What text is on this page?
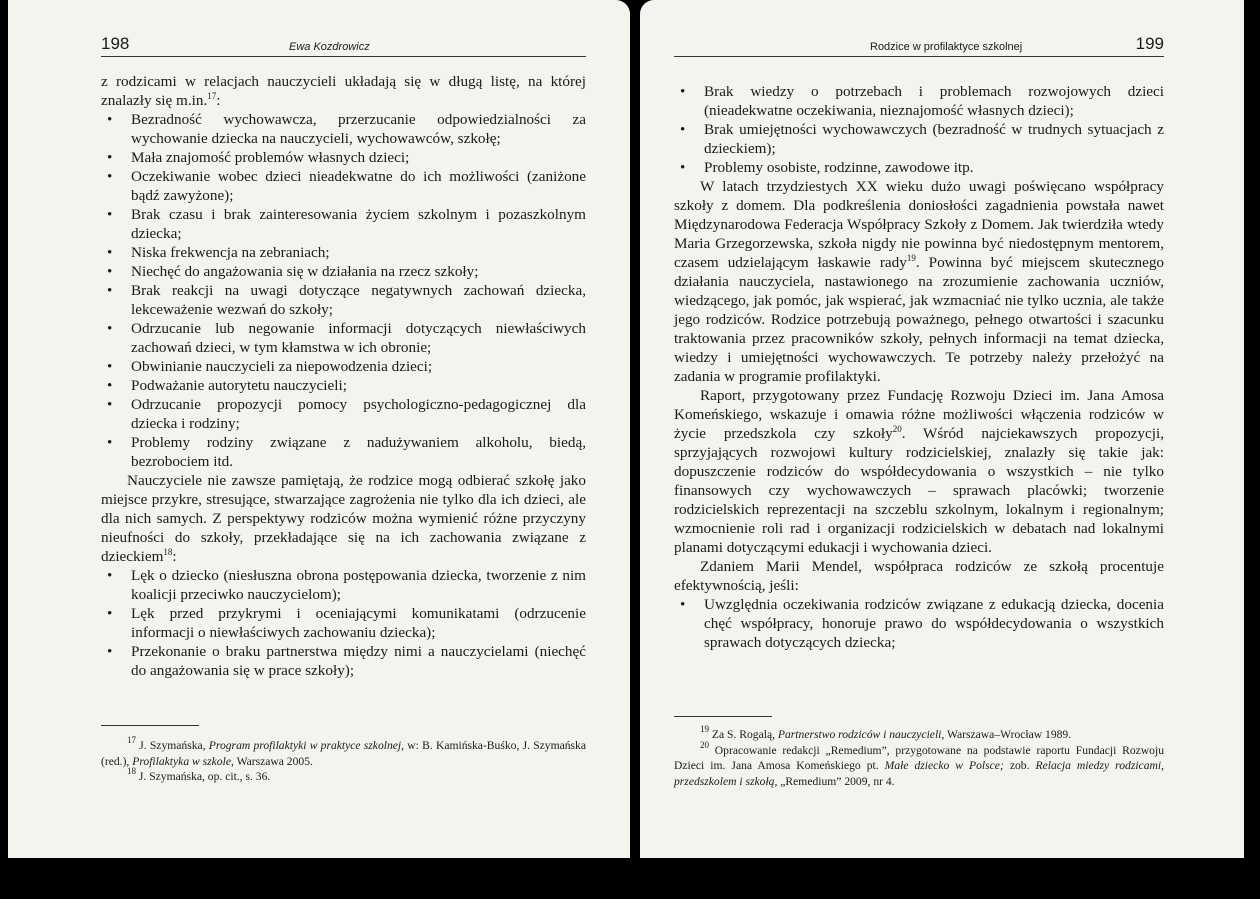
198	Ewa Kozdrowicz

z rodzicami w relacjach nauczycieli układają się w długą listę, na której znalazły się m.in.$^{17}$:

• Bezradność wychowawcza, przerzucanie odpowiedzialności za wychowanie dziecka na nauczycieli, wychowawców, szkołę;
• Mała znajomość problemów własnych dzieci;
• Oczekiwanie wobec dzieci nieadekwatne do ich możliwości (zaniżone bądź zawyżone);
• Brak czasu i brak zainteresowania życiem szkolnym i pozaszkolnym dziecka;
• Niska frekwencja na zebraniach;
• Niechęć do angażowania się w działania na rzecz szkoły;
• Brak reakcji na uwagi dotyczące negatywnych zachowań dziecka, lekceważenie wezwań do szkoły;
• Odrzucanie lub negowanie informacji dotyczących niewłaściwych zachowań dzieci, w tym kłamstwa w ich obronie;
• Obwinianie nauczycieli za niepowodzenia dzieci;
• Podważanie autorytetu nauczycieli;
• Odrzucanie propozycji pomocy psychologiczno-pedagogicznej dla dziecka i rodziny;
• Problemy rodziny związane z nadużywaniem alkoholu, biedą, bezrobociem itd.

Nauczyciele nie zawsze pamiętają, że rodzice mogą odbierać szkołę jako miejsce przykre, stresujące, stwarzające zagrożenia nie tylko dla ich dzieci, ale dla nich samych. Z perspektywy rodziców można wymienić różne przyczyny nieufności do szkoły, przekładające się na ich zachowania związane z dzieckiem$^{18}$:

• Lęk o dziecko (niesłuszna obrona postępowania dziecka, tworzenie z nim koalicji przeciwko nauczycielom);
• Lęk przed przykrymi i oceniającymi komunikatami (odrzucenie informacji o niewłaściwych zachowaniu dziecka);
• Przekonanie o braku partnerstwa między nimi a nauczycielami (niechęć do angażowania się w prace szkoły);

$^{17}$ J. Szymańska, Program profilaktyki w praktyce szkolnej, w: B. Kamińska-Buśko, J. Szymańska (red.), Profilaktyka w szkole, Warszawa 2005.

$^{18}$ J. Szymańska, op. cit., s. 36.

Rodzice w profilaktyce szkolnej	199
• Brak wiedzy o potrzebach i problemach rozwojowych dzieci (nieadekwatne oczekiwania, nieznajomość własnych dzieci);
• Brak umiejętności wychowawczych (bezradność w trudnych sytuacjach z dzieckiem);
• Problemy osobiste, rodzinne, zawodowe itp.

W latach trzydziestych XX wieku dużo uwagi poświęcano współpracy szkoły z domem. Dla podkreślenia doniosłości zagadnienia powstała nawet Międzynarodowa Federacja Współpracy Szkoły z Domem. Jak twierdziła wtedy Maria Grzegorzewska, szkoła nigdy nie powinna być niedostępnym mentorem, czasem udzielającym łaskawie rady$^{19}$. Powinna być miejscem skutecznego działania nauczyciela, nastawionego na zrozumienie zachowania uczniów, wiedzącego, jak pomóc, jak wspierać, jak wzmacniać nie tylko ucznia, ale także jego rodziców. Rodzice potrzebują poważnego, pełnego otwartości i szacunku traktowania przez pracowników szkoły, pełnych informacji na temat dziecka, wiedzy i umiejętności wychowawczych. Te potrzeby należy przełożyć na zadania w programie profilaktyki.

Raport, przygotowany przez Fundację Rozwoju Dzieci im. Jana Amosa Komeńskiego, wskazuje i omawia różne możliwości włączenia rodziców w życie przedszkola czy szkoły$^{20}$. Wśród najciekawszych propozycji, sprzyjających rozwojowi kultury rodzicielskiej, znalazły się takie jak: dopuszczenie rodziców do współdecydowania o wszystkich – nie tylko finansowych czy wychowawczych – sprawach placówki; tworzenie rodzicielskich reprezentacji na szczeblu szkolnym, lokalnym i regionalnym; wzmocnienie roli rad i organizacji rodzicielskich w debatach nad lokalnymi planami dotyczącymi edukacji i wychowania dzieci.

Zdaniem Marii Mendel, współpraca rodziców ze szkołą procentuje efektywnością, jeśli:

• Uwzględnia oczekiwania rodziców związane z edukacją dziecka, docenia chęć współpracy, honoruje prawo do współdecydowania o wszystkich sprawach dotyczących dziecka;

$^{19}$ Za S. Rogalą, Partnerstwo rodziców i nauczycieli, Warszawa–Wrocław 1989.

$^{20}$ Opracowanie redakcji „Remedium”, przygotowane na podstawie raportu Fundacji Rozwoju Dzieci im. Jana Amosa Komeńskiego pt. Małe dziecko w Polsce; zob. Relacja miedzy rodzicami, przedszkolem i szkołą, „Remedium” 2009, nr 4.
